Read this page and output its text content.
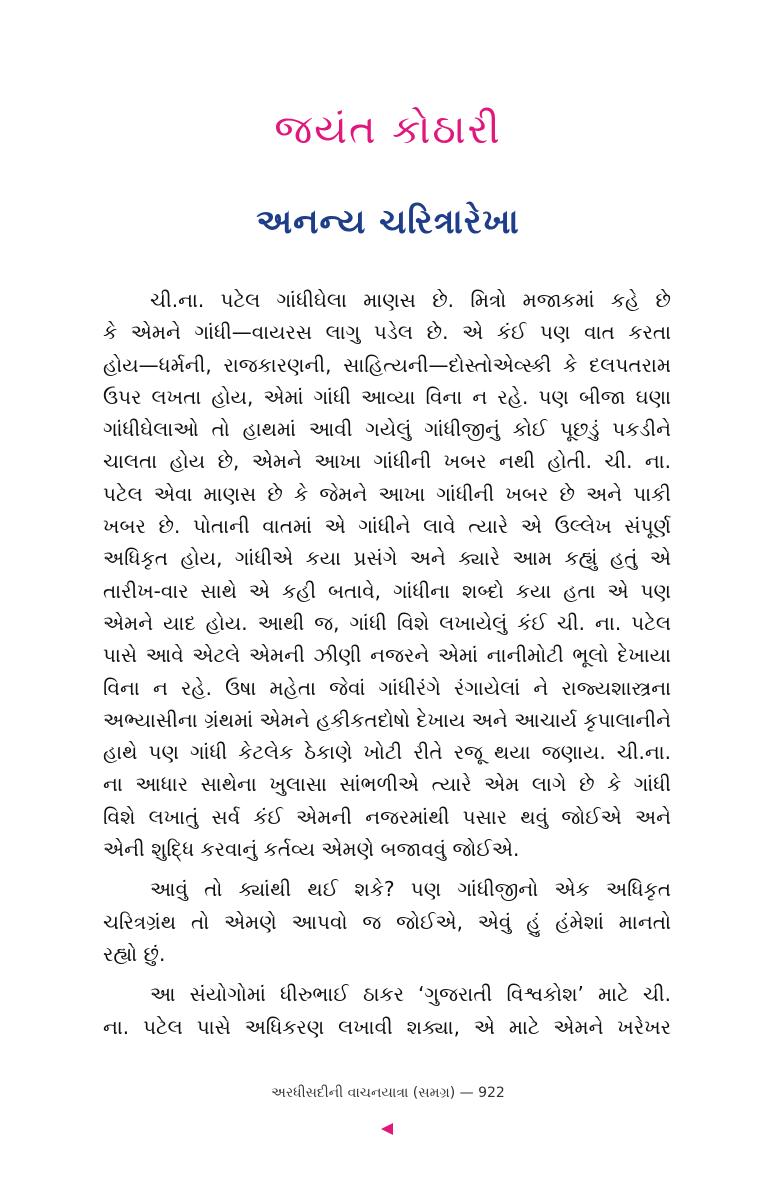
જયંત કોઠારી
અનન્ય ચરિત્રારેખા
ચી.ના. પટેલ ગાંધીઘેલા માણસ છે. મિત્રો મજાકમાં કહે છે
કે એમને ગાંધી—વાયરસ લાગુ પડેલ છે. એ કંઈ પણ વાત કરતા
હોય—ધર્મની, રાજકારણની, સાહિત્યની—દોસ્તોએવ્સ્કી કે દલપતરામ
ઉપર લખતા હોય, એમાં ગાંધી આવ્યા વિના ન રહે. પણ બીજા ઘણા
ગાંધીઘેલાઓ તો હાથમાં આવી ગયેલું ગાંધીજીનું કોઈ પૂછડું પકડીને
ચાલતા હોય છે, એમને આખા ગાંધીની ખબર નથી હોતી. ચી. ના.
પટેલ એવા માણસ છે કે જેમને આખા ગાંધીની ખબર છે અને પાકી
ખબર છે. પોતાની વાતમાં એ ગાંધીને લાવે ત્યારે એ ઉલ્લેખ સંપૂર્ણ
અધિકૃત હોય, ગાંધીએ કયા પ્રસંગે અને ક્યારે આમ કહ્યું હતું એ
તારીખ-વાર સાથે એ કહી બતાવે, ગાંધીના શબ્દો કયા હતા એ પણ
એમને યાદ હોય. આથી જ, ગાંધી વિશે લખાયેલું કંઈ ચી. ના. પટેલ
પાસે આવે એટલે એમની ઝીણી નજરને એમાં નાનીમોટી ભૂલો દેખાયા
વિના ન રહે. ઉષા મહેતા જેવાં ગાંધીરંગે રંગાયેલાં ને રાજ્યશાસ્ત્રના
અભ્યાસીના ગ્રંથમાં એમને હકીકતદોષો દેખાય અને આચાર્ય કૃપાલાનીને
હાથે પણ ગાંધી કેટલેક ઠેકાણે ખોટી રીતે રજૂ થયા જણાય. ચી.ના.
ના આધાર સાથેના ખુલાસા સાંભળીએ ત્યારે એમ લાગે છે કે ગાંધી
વિશે લખાતું સર્વ કંઈ એમની નજરમાંથી પસાર થવું જોઈએ અને
એની શુદ્ધિ કરવાનું કર્તવ્ય એમણે બજાવવું જોઈએ.
આવું તો ક્યાંથી થઈ શકે? પણ ગાંધીજીનો એક અધિકૃત
ચરિત્રગ્રંથ તો એમણે આપવો જ જોઈએ, એવું હું હંમેશાં માનતો
રહ્યો છું.
આ સંયોગોમાં ધીરુભાઈ ઠાકર ‘ગુજરાતી વિશ્વકોશ’ માટે ચી.
ના. પટેલ પાસે અધિકરણ લખાવી શક્યા, એ માટે એમને ખરેખર
અરધીસદીની વાચનયાત્રા (સમગ્ર) — 922
